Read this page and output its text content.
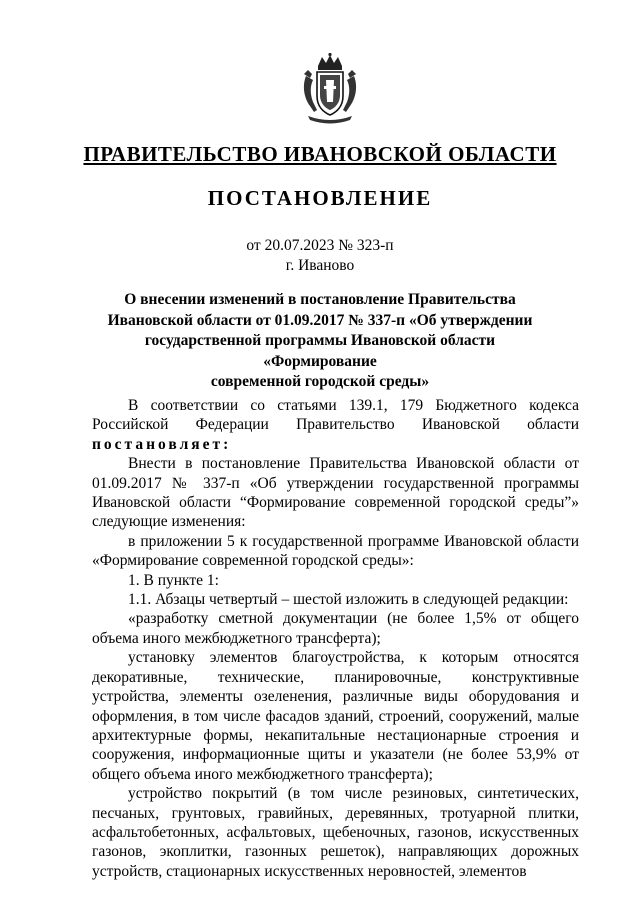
ПРАВИТЕЛЬСТВО ИВАНОВСКОЙ ОБЛАСТИ
ПОСТАНОВЛЕНИЕ
от 20.07.2023 № 323-п
г. Иваново
О внесении изменений в постановление Правительства
Ивановской области от 01.09.2017 № 337-п «Об утверждении
государственной программы Ивановской области «Формирование
современной городской среды»

В соответствии со статьями 139.1, 179 Бюджетного кодекса Российской Федерации Правительство Ивановской области постановляет:

Внести в постановление Правительства Ивановской области от 01.09.2017 № 337-п «Об утверждении государственной программы Ивановской области “Формирование современной городской среды”» следующие изменения:

в приложении 5 к государственной программе Ивановской области «Формирование современной городской среды»:

1. В пункте 1:

1.1. Абзацы четвертый – шестой изложить в следующей редакции:

«разработку сметной документации (не более 1,5% от общего объема иного межбюджетного трансферта);

установку элементов благоустройства, к которым относятся декоративные, технические, планировочные, конструктивные устройства, элементы озеленения, различные виды оборудования и оформления, в том числе фасадов зданий, строений, сооружений, малые архитектурные формы, некапитальные нестационарные строения и сооружения, информационные щиты и указатели (не более 53,9% от общего объема иного межбюджетного трансферта);

устройство покрытий (в том числе резиновых, синтетических, песчаных, грунтовых, гравийных, деревянных, тротуарной плитки, асфальтобетонных, асфальтовых, щебеночных, газонов, искусственных газонов, экоплитки, газонных решеток), направляющих дорожных устройств, стационарных искусственных неровностей, элементов
